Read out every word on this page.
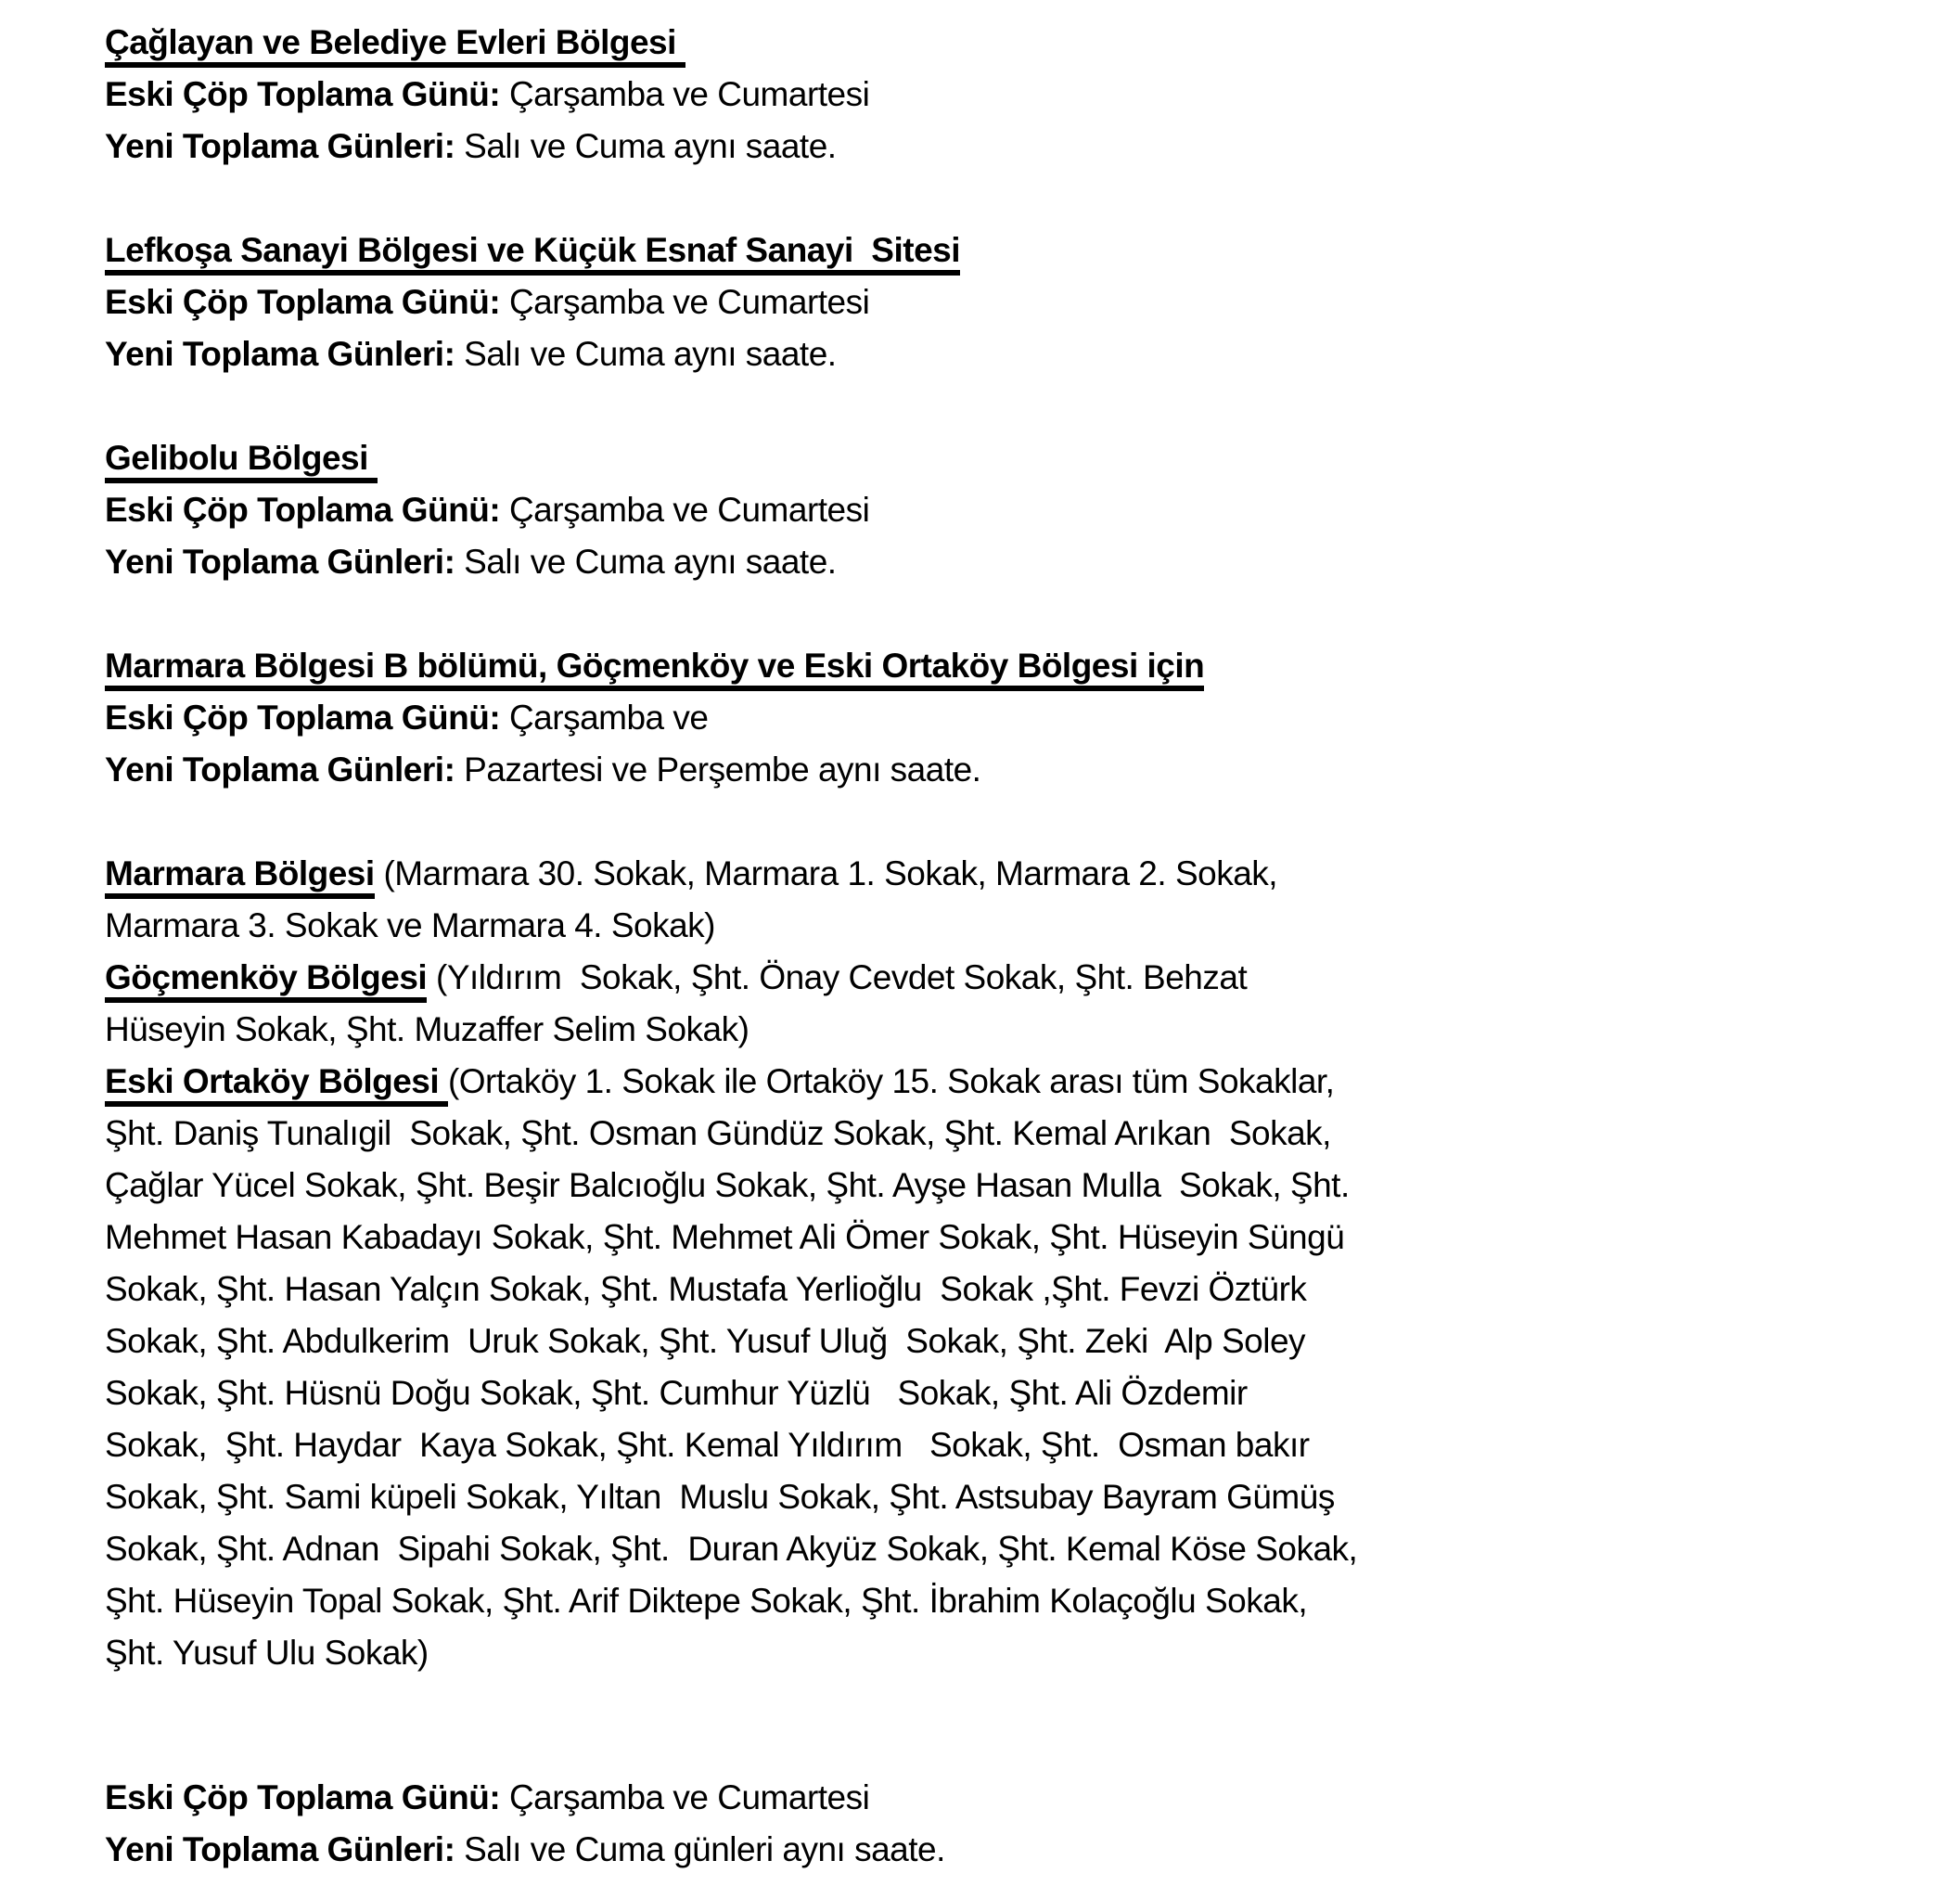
Çağlayan ve Belediye Evleri Bölgesi
Eski Çöp Toplama Günü: Çarşamba ve Cumartesi
Yeni Toplama Günleri: Salı ve Cuma aynı saate.
Lefkoşa Sanayi Bölgesi ve Küçük Esnaf Sanayi  Sitesi
Eski Çöp Toplama Günü: Çarşamba ve Cumartesi
Yeni Toplama Günleri: Salı ve Cuma aynı saate.
Gelibolu Bölgesi
Eski Çöp Toplama Günü: Çarşamba ve Cumartesi
Yeni Toplama Günleri: Salı ve Cuma aynı saate.
Marmara Bölgesi B bölümü, Göçmenköy ve Eski Ortaköy Bölgesi için
Eski Çöp Toplama Günü: Çarşamba ve
Yeni Toplama Günleri: Pazartesi ve Perşembe aynı saate.
Marmara Bölgesi (Marmara 30. Sokak, Marmara 1. Sokak, Marmara 2. Sokak,
Marmara 3. Sokak ve Marmara 4. Sokak)
Göçmenköy Bölgesi (Yıldırım  Sokak, Şht. Önay Cevdet Sokak, Şht. Behzat
Hüseyin Sokak, Şht. Muzaffer Selim Sokak)
Eski Ortaköy Bölgesi (Ortaköy 1. Sokak ile Ortaköy 15. Sokak arası tüm Sokaklar,
Şht. Daniş Tunalıgil  Sokak, Şht. Osman Gündüz Sokak, Şht. Kemal Arıkan  Sokak,
Çağlar Yücel Sokak, Şht. Beşir Balcıoğlu Sokak, Şht. Ayşe Hasan Mulla  Sokak, Şht.
Mehmet Hasan Kabadayı Sokak, Şht. Mehmet Ali Ömer Sokak, Şht. Hüseyin Süngü
Sokak, Şht. Hasan Yalçın Sokak, Şht. Mustafa Yerlioğlu  Sokak ,Şht. Fevzi Öztürk
Sokak, Şht. Abdulkerim  Uruk Sokak, Şht. Yusuf Uluğ  Sokak, Şht. Zeki  Alp Soley
Sokak, Şht. Hüsnü Doğu Sokak, Şht. Cumhur Yüzlü   Sokak, Şht. Ali Özdemir
Sokak,  Şht. Haydar  Kaya Sokak, Şht. Kemal Yıldırım   Sokak, Şht.  Osman bakır
Sokak, Şht. Sami küpeli Sokak, Yıltan  Muslu Sokak, Şht. Astsubay Bayram Gümüş
Sokak, Şht. Adnan  Sipahi Sokak, Şht.  Duran Akyüz Sokak, Şht. Kemal Köse Sokak,
Şht. Hüseyin Topal Sokak, Şht. Arif Diktepe Sokak, Şht. İbrahim Kolaçoğlu Sokak,
Şht. Yusuf Ulu Sokak)
Eski Çöp Toplama Günü: Çarşamba ve Cumartesi
Yeni Toplama Günleri: Salı ve Cuma günleri aynı saate.
